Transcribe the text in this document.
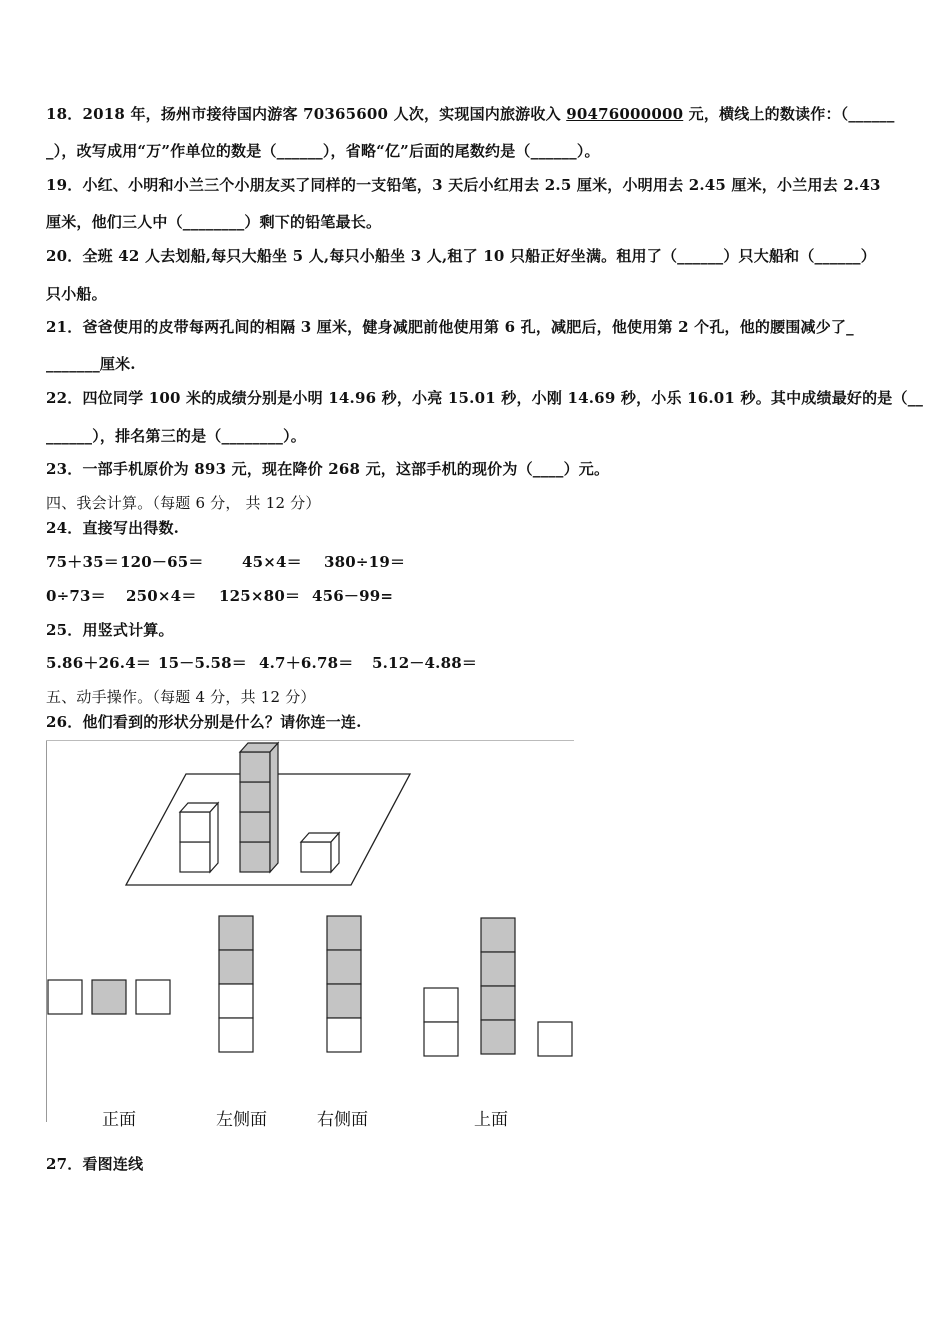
18．2018 年，扬州市接待国内游客 70365600 人次，实现国内旅游收入 90476000000 元，横线上的数读作：（______
_），改写成用“万”作单位的数是（______），省略“亿”后面的尾数约是（______）。
19．小红、小明和小兰三个小朋友买了同样的一支铅笔，3 天后小红用去 2.5 厘米，小明用去 2.45 厘米，小兰用去 2.43
厘米，他们三人中（________）剩下的铅笔最长。
20．全班 42 人去划船,每只大船坐 5 人,每只小船坐 3 人,租了 10 只船正好坐满。租用了（______）只大船和（______）
只小船。
21．爸爸使用的皮带每两孔间的相隔 3 厘米，健身减肥前他使用第 6 孔，减肥后，他使用第 2 个孔，他的腰围减少了_
_______厘米.
22．四位同学 100 米的成绩分别是小明 14.96 秒，小亮 15.01 秒，小刚 14.69 秒，小乐 16.01 秒。其中成绩最好的是（__
______），排名第三的是（________）。
23．一部手机原价为 893 元，现在降价 268 元，这部手机的现价为（____）元。
四、我会计算。（每题 6 分， 共 12 分）
24．直接写出得数.
75＋35＝120－65＝	45×4＝ 380÷19＝
0÷73＝ 250×4＝ 125×80＝ 456－99=
25．用竖式计算。
5.86＋26.4＝ 15－5.58＝ 4.7＋6.78＝ 5.12－4.88＝
五、动手操作。（每题 4 分，共 12 分）
26．他们看到的形状分别是什么？请你连一连.
正面	左侧面	右侧面	上面
27．看图连线
